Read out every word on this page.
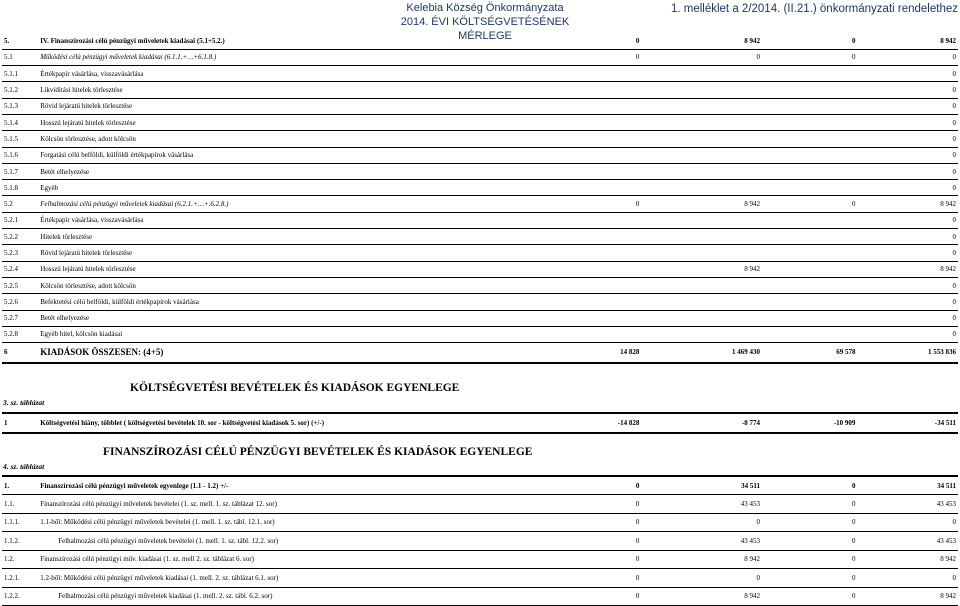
Kelebia Község Önkormányzata
2014. ÉVI KÖLTSÉGVETÉSÉNEK MÉRLEGE
1. melléklet a 2/2014. (II.21.) önkormányzati rendelethez
5.	IV. Finanszírozási célú pénzügyi műveletek kiadásai (5.1+5.2.)	0	8 942	0	8 942
5.1	Működési célú pénzügyi műveletek kiadásai (6.1.1.+…+6.1.8.)	0	0	0	0
5.1.1	Értékpapír vásárlása, visszavásárlása				0
5.1.2	Likviditási hitelek törlesztése				0
5.1.3	Rövid lejáratú hitelek törlesztése				0
5.1.4	Hosszú lejáratú hitelek törlesztése				0
5.1.5	Kölcsön törlesztése, adott kölcsön				0
5.1.6	Forgatási célú belföldi, külföldi értékpapírok vásárlása				0
5.1.7	Betét elhelyezése				0
5.1.8	Egyéb				0
5.2	Felhalmozási célú pénzügyi műveletek kiadásai (6.2.1.+…+.6.2.8.)	0	8 942	0	8 942
5.2.1	Értékpapír vásárlása, visszavásárlása				0
5.2.2	Hitelek törlesztése				0
5.2.3	Rövid lejáratú hitelek törlesztése				0
5.2.4	Hosszú lejáratú hitelek törlesztése		8 942		8 942
5.2.5	Kölcsön törlesztése, adott kölcsön				0
5.2.6	Befektetési célú belföldi, külföldi értékpapírok vásárlása				0
5.2.7	Betét elhelyezése				0
5.2.8	Egyéb hitel, kölcsön kiadásai				0
6	KIADÁSOK ÖSSZESEN: (4+5)	14 828	1 469 430	69 578	1 553 836
3. sz. táblázat
KÖLTSÉGVETÉSI BEVÉTELEK ÉS KIADÁSOK EGYENLEGE
1	Költségvetési hiány, többlet ( költségvetési bevételek 10. sor - költségvetési kiadások 5. sor) (+/-)	-14 828	-8 774	-10 909	-34 511
4. sz. táblázat
FINANSZÍROZÁSI CÉLÚ PÉNZÜGYI BEVÉTELEK ÉS KIADÁSOK EGYENLEGE
1.	Finanszírozási célú pénzügyi műveletek egyenlege (1.1 - 1.2) +/-	0	34 511	0	34 511
1.1.	Finanszírozási célú pénzügyi műveletek bevételei (1. sz. mell. 1. sz. táblázat 12. sor)	0	43 453	0	43 453
1.1.1.	1.1-ből: Működési célú pénzügyi műveletek bevételei (1. mell. 1. sz. tábl. 12.1. sor)	0	0	0	0
1.1.2.	Felhalmozási célú pénzügyi műveletek bevételei (1. mell. 1. sz. tábl. 12.2. sor)	0	43 453	0	43 453
1.2.	Finanszírozási célú pénzügyi műv. kiadásai (1. sz. mell 2. sz. táblázat 6. sor)	0	8 942	0	8 942
1.2.1.	1.2-ből: Működési célú pénzügyi műveletek kiadásai (1. mell. 2. sz. táblázat 6.1. sor)	0	0	0	0
1.2.2.	Felhalmozási célú pénzügyi műveletek kiadásai (1. mell. 2. sz. tábl. 6.2. sor)	0	8 942	0	8 942
